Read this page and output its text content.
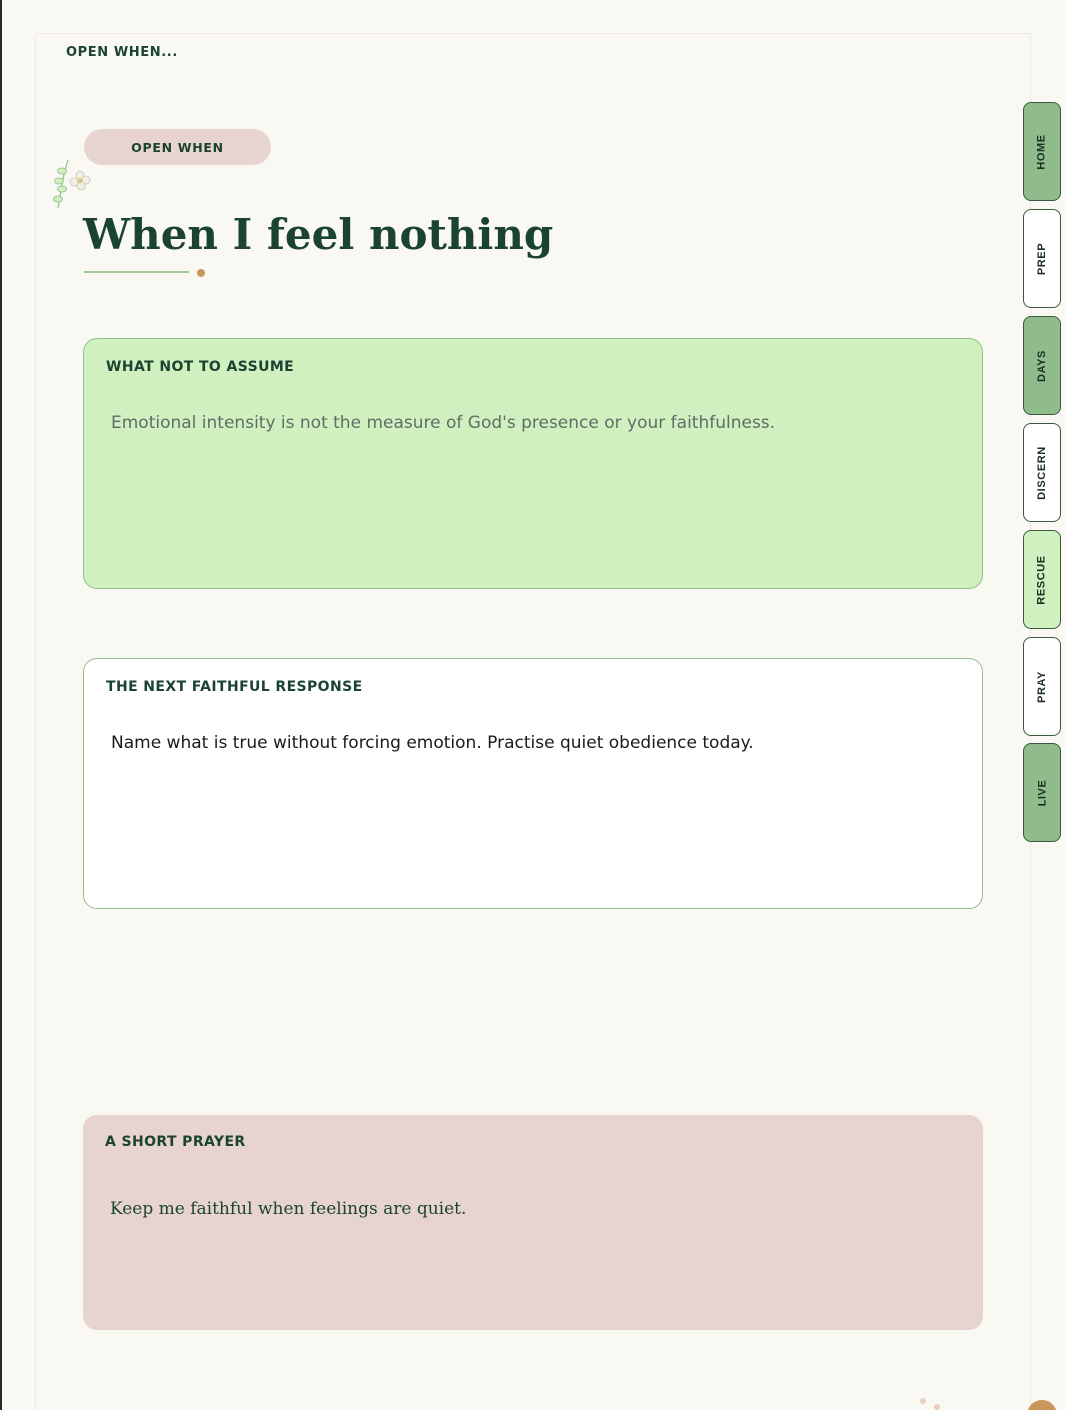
OPEN WHEN...
OPEN WHEN
When I feel nothing
WHAT NOT TO ASSUME

Emotional intensity is not the measure of God's presence or your faithfulness.

THE NEXT FAITHFUL RESPONSE

Name what is true without forcing emotion. Practise quiet obedience today.

A SHORT PRAYER

Keep me faithful when feelings are quiet.

HOME
PREP
DAYS
DISCERN
RESCUE
PRAY
LIVE
